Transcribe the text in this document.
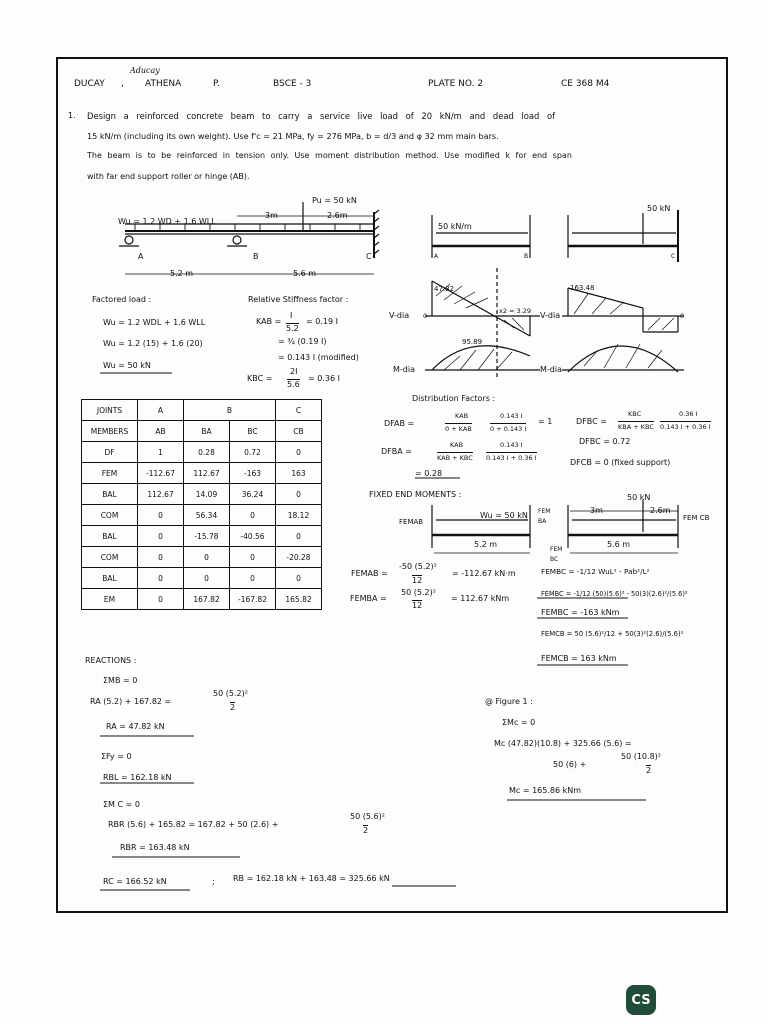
DUCAY , ATHENA
Aducay
P.	BSCE - 3	PLATE NO. 2	CE 368 M4
1. Design a reinforced concrete beam to carry a service live load of 20 kN/m and dead load of
15 kN/m (including its own weight). Use f'c = 21 MPa, fy = 276 MPa, b = d/3 and φ 32 mm main bars.
The beam is to be reinforced in tension only. Use moment distribution method. Use modified k for end span
with far end support roller or hinge (AB).
Wu = 1.2 WD + 1.6 WLL
Pu = 50 kN
3m	2.6m
A	B	C
5.2 m	5.6 m
Factored load :
Wu = 1.2 WDL + 1.6 WLL
Wu = 1.2 (15) + 1.6 (20)
Wu = 50 kN
Relative Stiffness factor :
KAB =
I
5.2
= 0.19 I
= ¾ (0.19 I)
= 0.143 I (modified)
KBC =
2I
5.6
= 0.36 I
50 kN/m
A	B
47.82
x2 = 3.29
V-dia 0
95.89
M-dia
50 kN
C
163.48
V-dia	0
M-dia
Distribution Factors :
DFAB =
KAB
0 + KAB
0.143 I
0 + 0.143 I
= 1
DFBA =
KAB
KAB + KBC
0.143 I
0.143 I + 0.36 I
= 0.28
DFBC =
KBC
KBA + KBC
0.36 I
0.143 I + 0.36 I
DFBC = 0.72
DFCB = 0 (fixed support)
FIXED END MOMENTS :
Wu = 50 kN
50 kN
FEMAB
FEM BA
FEM BC
FEM CB
5.2 m	5.6 m
3m	2.6m
FEMAB =
-50 (5.2)²
12
= -112.67 kN·m
FEMBA =
50 (5.2)²
12
= 112.67 kNm
FEMBC = -1/12 WuL² - Pab²/L²
FEMBC = -1/12 (50)(5.6)² - 50(3)(2.6)²/(5.6)²
FEMBC = -163 kNm
FEMCB = 50 (5.6)²/12 + 50(3)²(2.6)/(5.6)²
FEMCB = 163 kNm
JOINTS	A	B		C
MEMBERS	AB	BA	BC	CB
DF	1	0.28	0.72	0
FEM	-112.67	112.67	-163	163
BAL	112.67	14.09	36.24	0
COM	0	56.34	0	18.12
BAL	0	-15.78	-40.56	0
COM	0	0	0	-20.28
BAL	0	0	0	0
EM	0	167.82	-167.82	165.82
REACTIONS :
ΣMB = 0
RA (5.2) + 167.82 =
50 (5.2)²
2
RA = 47.82 kN
ΣFy = 0
RBL = 162.18 kN
ΣM C = 0
RBR (5.6) + 165.82 = 167.82 + 50 (2.6) +
50 (5.6)²
2
RBR = 163.48 kN
RC = 166.52 kN	; RB = 162.18 kN + 163.48 = 325.66 kN
@ Figure 1 :
ΣMc = 0
Mc (47.82)(10.8) + 325.66 (5.6) =
50 (6) +
50 (10.8)²
2
Mc = 165.86 kNm
CS
